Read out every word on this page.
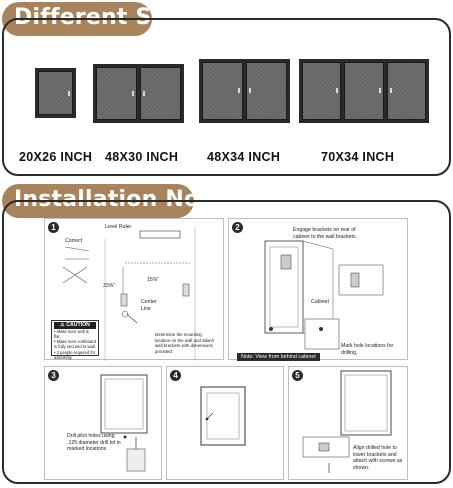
Different Size
20X26 INCH 48X30 INCH 48X34 INCH	70X34 INCH
Installation Notes
1	Level Ruler
Correct
15⅜"
33⅜"
Center Line
⚠ CAUTION
• Make sure wall is flat.
• Make sure corkboard is fully secured to wall.
• 2 people required for assembly.
Determine the mounting location on the wall and attach wall brackets with dimensions provided.
2	Engage brackets on rear of cabinet to the wall brackets.
Cabinet
Mark hole locations for drilling.
Note: View from behind cabinet
3
Drill pilot holes using .125 diameter drill bit in marked locations
4	5
Align drilled hole to lower brackets and attach with screws as shown.
